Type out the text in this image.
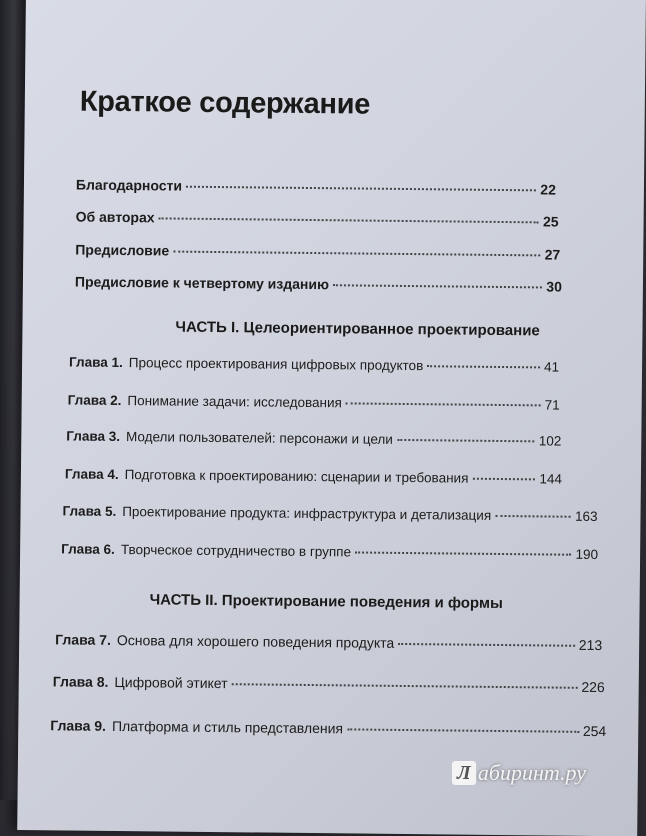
Краткое содержание
Благодарности	22
Об авторах	25
Предисловие	27
Предисловие к четвертому изданию	30
ЧАСТЬ I. Целеориентированное проектирование
Глава 1. Процесс проектирования цифровых продуктов	41
Глава 2. Понимание задачи: исследования	71
Глава 3. Модели пользователей: персонажи и цели	102
Глава 4. Подготовка к проектированию: сценарии и требования	144
Глава 5. Проектирование продукта: инфраструктура и детализация	163
Глава 6. Творческое сотрудничество в группе	190
ЧАСТЬ II. Проектирование поведения и формы
Глава 7. Основа для хорошего поведения продукта	213
Глава 8. Цифровой этикет	226
Глава 9. Платформа и стиль представления	254
Л абиринт.ру
